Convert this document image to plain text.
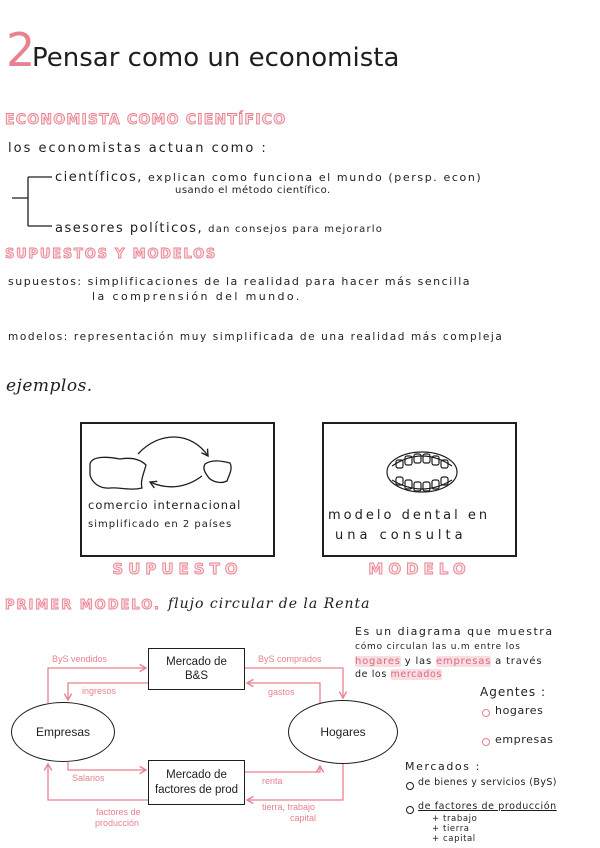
2
Pensar como un economista
ECONOMISTA COMO CIENTÍFICO
los economistas actuan como :
científicos, explican como funciona el mundo (persp. econ)
usando el método científico.
asesores políticos, dan consejos para mejorarlo
SUPUESTOS Y MODELOS
supuestos: simplificaciones de la realidad para hacer más sencilla
la comprensión del mundo.
modelos: representación muy simplificada de una realidad más compleja
ejemplos.
comercio internacional
simplificado en 2 países
SUPUESTO
modelo dental en
una consulta
MODELO
PRIMER MODELO. flujo circular de la Renta
Mercado de
B&S
Mercado de
factores de prod
Empresas	Hogares
ByS vendidos	ByS comprados
ingresos	gastos
Salarios	renta
factores de
producción
tierra, trabajo
capital
Es un diagrama que muestra
cómo circulan las u.m entre los
hogares y las empresas a través
de los mercados
Agentes :
hogares
empresas
Mercados :
de bienes y servicios (ByS)
de factores de producción
+ trabajo
+ tierra
+ capital
